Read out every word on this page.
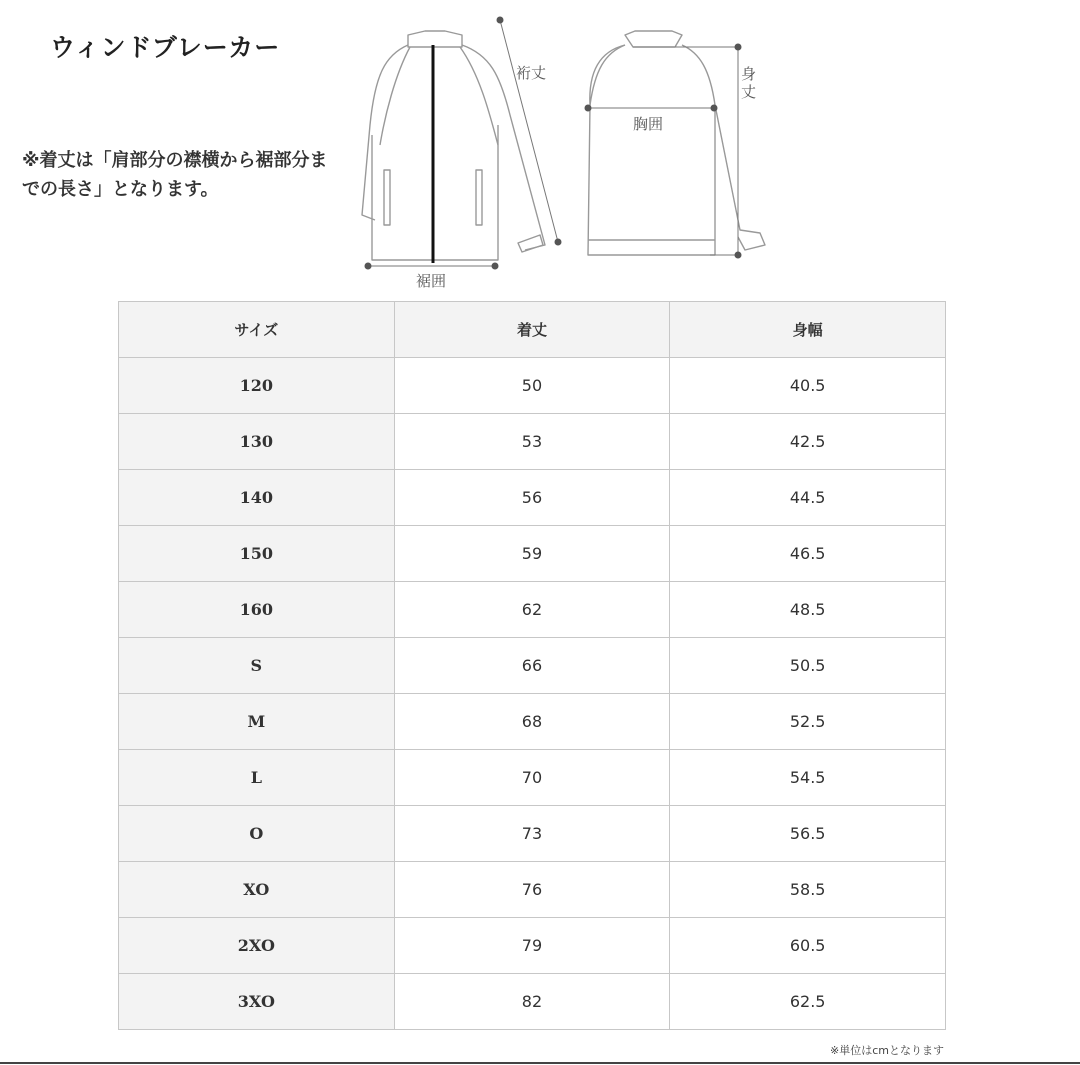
ウィンドブレーカー
※着丈は「肩部分の襟横から裾部分までの長さ」となります。
裄丈
胸囲
裾囲
身 丈
サイズ	着丈	身幅
120	50	40.5
130	53	42.5
140	56	44.5
150	59	46.5
160	62	48.5
S	66	50.5
M	68	52.5
L	70	54.5
O	73	56.5
XO	76	58.5
2XO	79	60.5
3XO	82	62.5
※単位はcmとなります
